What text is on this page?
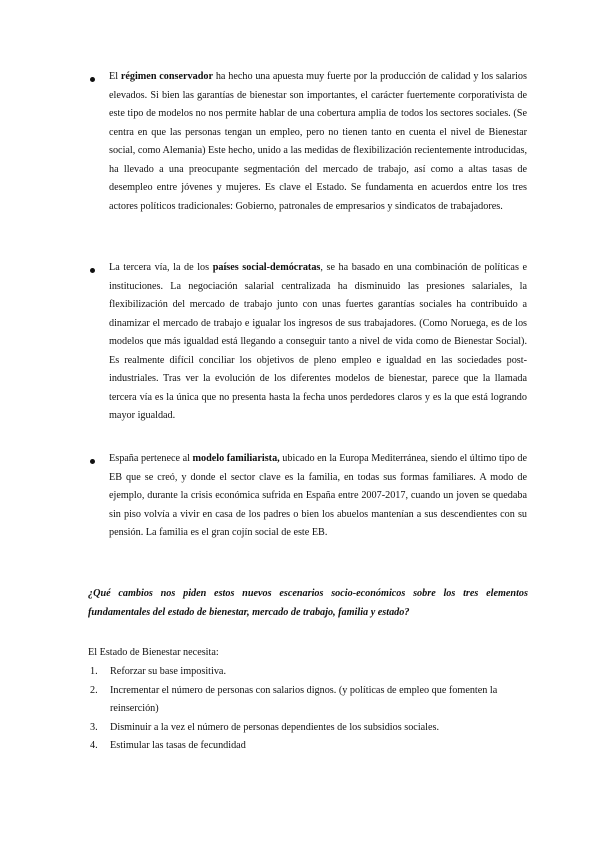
El régimen conservador ha hecho una apuesta muy fuerte por la producción de calidad y los salarios elevados. Si bien las garantías de bienestar son importantes, el carácter fuertemente corporativista de este tipo de modelos no nos permite hablar de una cobertura amplia de todos los sectores sociales. (Se centra en que las personas tengan un empleo, pero no tienen tanto en cuenta el nivel de Bienestar social, como Alemania) Este hecho, unido a las medidas de flexibilización recientemente introducidas, ha llevado a una preocupante segmentación del mercado de trabajo, así como a altas tasas de desempleo entre jóvenes y mujeres. Es clave el Estado. Se fundamenta en acuerdos entre los tres actores políticos tradicionales: Gobierno, patronales de empresarios y sindicatos de trabajadores.
La tercera vía, la de los países social-demócratas, se ha basado en una combinación de políticas e instituciones. La negociación salarial centralizada ha disminuido las presiones salariales, la flexibilización del mercado de trabajo junto con unas fuertes garantías sociales ha contribuido a dinamizar el mercado de trabajo e igualar los ingresos de sus trabajadores. (Como Noruega, es de los modelos que más igualdad está llegando a conseguir tanto a nivel de vida como de Bienestar Social). Es realmente difícil conciliar los objetivos de pleno empleo e igualdad en las sociedades post-industriales. Tras ver la evolución de los diferentes modelos de bienestar, parece que la llamada tercera vía es la única que no presenta hasta la fecha unos perdedores claros y es la que está logrando mayor igualdad.
España pertenece al modelo familiarista, ubicado en la Europa Mediterránea, siendo el último tipo de EB que se creó, y donde el sector clave es la familia, en todas sus formas familiares. A modo de ejemplo, durante la crisis económica sufrida en España entre 2007-2017, cuando un joven se quedaba sin piso volvía a vivir en casa de los padres o bien los abuelos mantenían a sus descendientes con su pensión. La familia es el gran cojín social de este EB.
¿Qué cambios nos piden estos nuevos escenarios socio-económicos sobre los tres elementos fundamentales del estado de bienestar, mercado de trabajo, familia y estado?
El Estado de Bienestar necesita:
1. Reforzar su base impositiva.
2. Incrementar el número de personas con salarios dignos. (y políticas de empleo que fomenten la reinserción)
3. Disminuir a la vez el número de personas dependientes de los subsidios sociales.
4. Estimular las tasas de fecundidad
